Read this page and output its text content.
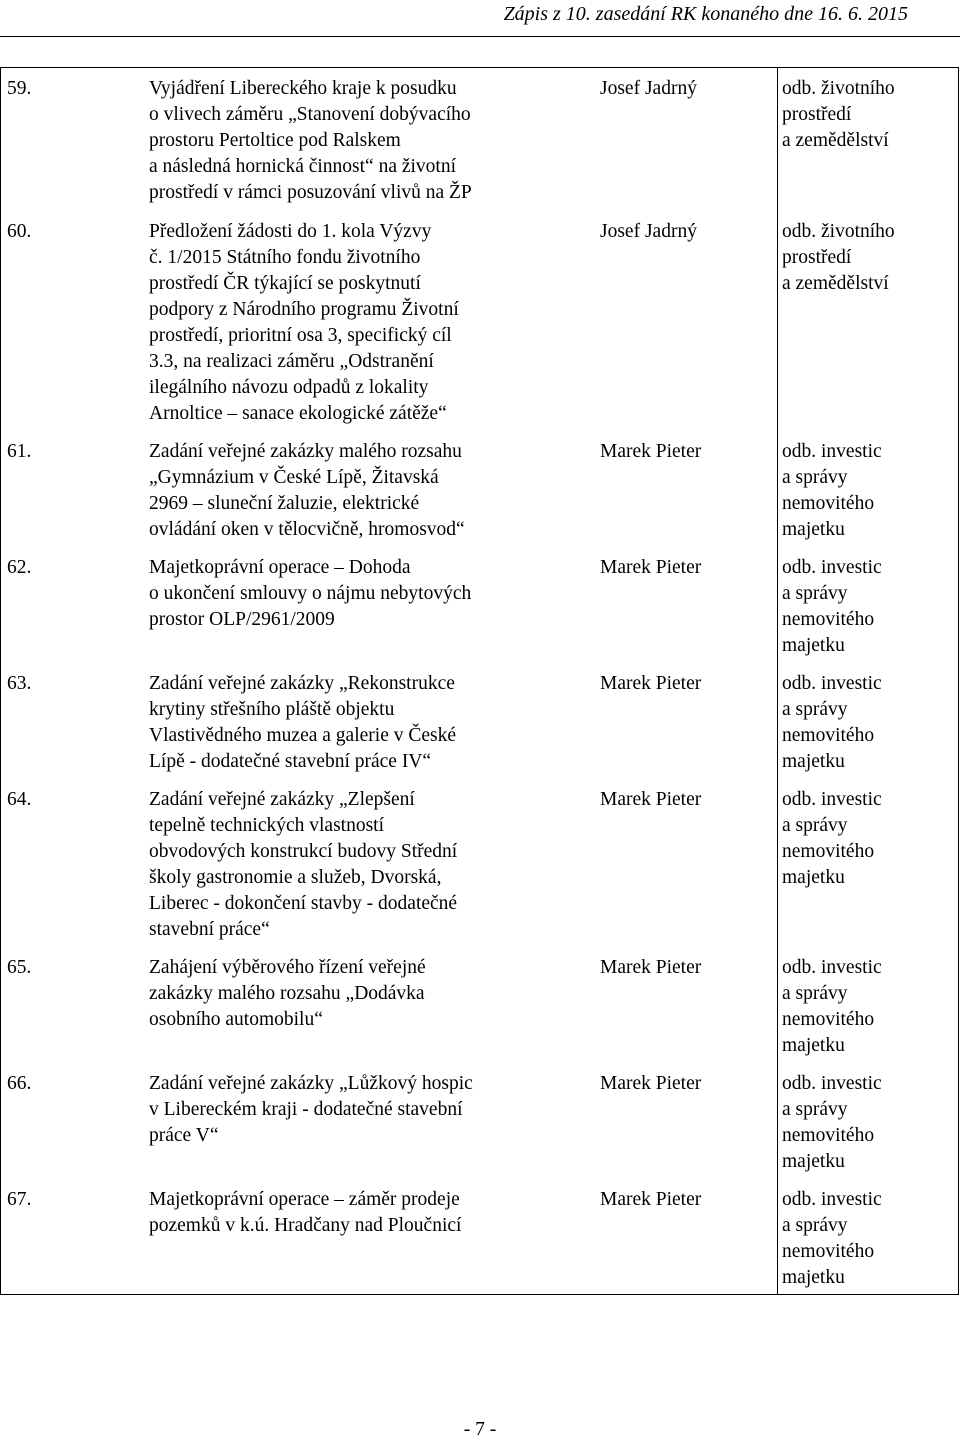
Zápis z 10. zasedání RK konaného dne 16. 6. 2015
59.	Vyjádření Libereckého kraje k posudku
o vlivech záměru „Stanovení dobývacího
prostoru Pertoltice pod Ralskem
a následná hornická činnost“ na životní
prostředí v rámci posuzování vlivů na ŽP
Josef Jadrný	odb. životního
prostředí
a zemědělství
60.	Předložení žádosti do 1. kola Výzvy
č. 1/2015 Státního fondu životního
prostředí ČR týkající se poskytnutí
podpory z Národního programu Životní
prostředí, prioritní osa 3, specifický cíl
3.3, na realizaci záměru „Odstranění
ilegálního návozu odpadů z lokality
Arnoltice – sanace ekologické zátěže“
Josef Jadrný	odb. životního
prostředí
a zemědělství
61.	Zadání veřejné zakázky malého rozsahu
„Gymnázium v České Lípě, Žitavská
2969 – sluneční žaluzie, elektrické
ovládání oken v tělocvičně, hromosvod“
Marek Pieter	odb. investic
a správy
nemovitého
majetku
62.	Majetkoprávní operace – Dohoda
o ukončení smlouvy o nájmu nebytových
prostor OLP/2961/2009
Marek Pieter	odb. investic
a správy
nemovitého
majetku
63.	Zadání veřejné zakázky „Rekonstrukce
krytiny střešního pláště objektu
Vlastivědného muzea a galerie v České
Lípě - dodatečné stavební práce IV“
Marek Pieter	odb. investic
a správy
nemovitého
majetku
64.	Zadání veřejné zakázky „Zlepšení
tepelně technických vlastností
obvodových konstrukcí budovy Střední
školy gastronomie a služeb, Dvorská,
Liberec - dokončení stavby - dodatečné
stavební práce“
Marek Pieter	odb. investic
a správy
nemovitého
majetku
65.	Zahájení výběrového řízení veřejné
zakázky malého rozsahu „Dodávka
osobního automobilu“
Marek Pieter	odb. investic
a správy
nemovitého
majetku
66.	Zadání veřejné zakázky „Lůžkový hospic
v Libereckém kraji - dodatečné stavební
práce V“
Marek Pieter	odb. investic
a správy
nemovitého
majetku
67.	Majetkoprávní operace – záměr prodeje
pozemků v k.ú. Hradčany nad Ploučnicí
Marek Pieter	odb. investic
a správy
nemovitého
majetku
- 7 -
